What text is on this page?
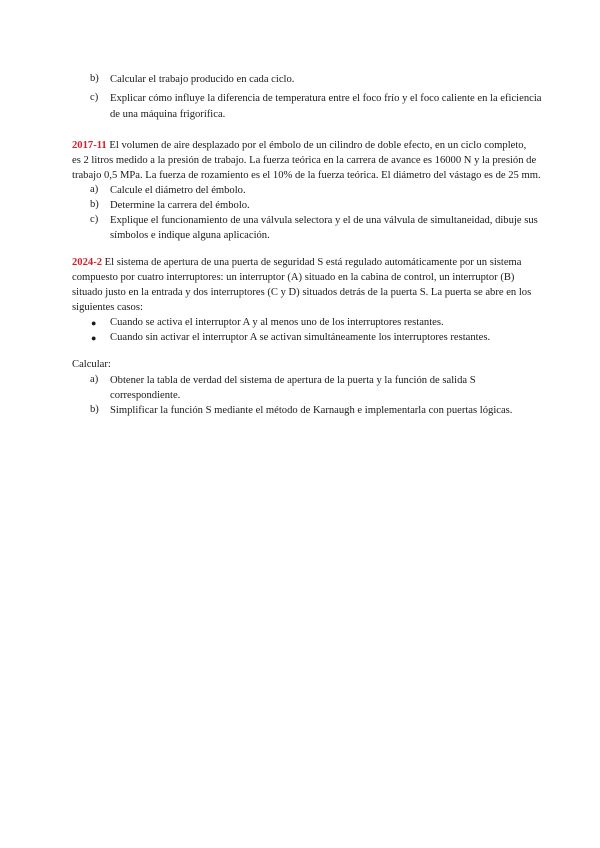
b)	Calcular el trabajo producido en cada ciclo.
c)	Explicar cómo influye la diferencia de temperatura entre el foco frío y el foco caliente en la eficiencia
de una máquina frigorífica.
2017-11 El volumen de aire desplazado por el émbolo de un cilindro de doble efecto, en un ciclo completo,
es 2 litros medido a la presión de trabajo. La fuerza teórica en la carrera de avance es 16000 N y la presión de
trabajo 0,5 MPa. La fuerza de rozamiento es el 10% de la fuerza teórica. El diámetro del vástago es de 25 mm.
a)	Calcule el diámetro del émbolo.
b)	Determine la carrera del émbolo.
c)	Explique el funcionamiento de una válvula selectora y el de una válvula de simultaneidad, dibuje sus
símbolos e indique alguna aplicación.
2024-2 El sistema de apertura de una puerta de seguridad S está regulado automáticamente por un sistema
compuesto por cuatro interruptores: un interruptor (A) situado en la cabina de control, un interruptor (B)
situado justo en la entrada y dos interruptores (C y D) situados detrás de la puerta S. La puerta se abre en los
siguientes casos:
●	Cuando se activa el interruptor A y al menos uno de los interruptores restantes.
●	Cuando sin activar el interruptor A se activan simultáneamente los interruptores restantes.
Calcular:
a)	Obtener la tabla de verdad del sistema de apertura de la puerta y la función de salida S
correspondiente.
b)	Simplificar la función S mediante el método de Karnaugh e implementarla con puertas lógicas.
